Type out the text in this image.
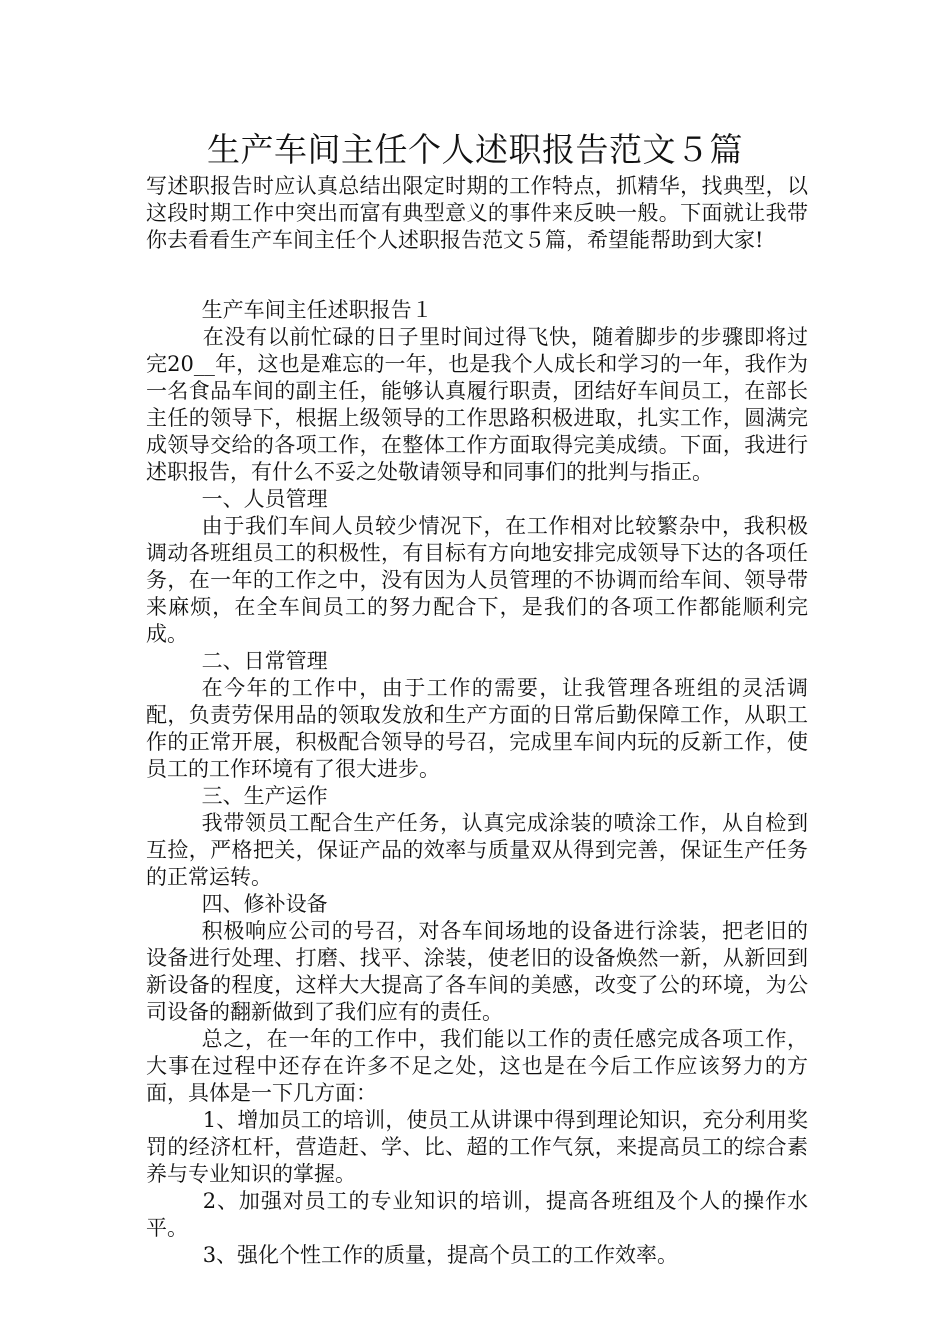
生产车间主任个人述职报告范文５篇

写述职报告时应认真总结出限定时期的工作特点，抓精华，找典型，以这段时期工作中突出而富有典型意义的事件来反映一般。下面就让我带你去看看生产车间主任个人述职报告范文５篇，希望能帮助到大家!

生产车间主任述职报告１

在没有以前忙碌的日子里时间过得飞快，随着脚步的步骤即将过完20__年，这也是难忘的一年，也是我个人成长和学习的一年，我作为一名食品车间的副主任，能够认真履行职责，团结好车间员工，在部长主任的领导下，根据上级领导的工作思路积极进取，扎实工作，圆满完成领导交给的各项工作，在整体工作方面取得完美成绩。下面，我进行述职报告，有什么不妥之处敬请领导和同事们的批判与指正。

一、人员管理

由于我们车间人员较少情况下，在工作相对比较繁杂中，我积极调动各班组员工的积极性，有目标有方向地安排完成领导下达的各项任务，在一年的工作之中，没有因为人员管理的不协调而给车间、领导带来麻烦，在全车间员工的努力配合下，是我们的各项工作都能顺利完成。

二、日常管理

在今年的工作中，由于工作的需要，让我管理各班组的灵活调配，负责劳保用品的领取发放和生产方面的日常后勤保障工作，从职工作的正常开展，积极配合领导的号召，完成里车间内玩的反新工作，使员工的工作环境有了很大进步。

三、生产运作

我带领员工配合生产任务，认真完成涂装的喷涂工作，从自检到互捡，严格把关，保证产品的效率与质量双从得到完善，保证生产任务的正常运转。

四、修补设备

积极响应公司的号召，对各车间场地的设备进行涂装，把老旧的设备进行处理、打磨、找平、涂装，使老旧的设备焕然一新，从新回到新设备的程度，这样大大提高了各车间的美感，改变了公的环境，为公司设备的翻新做到了我们应有的责任。

总之，在一年的工作中，我们能以工作的责任感完成各项工作，大事在过程中还存在许多不足之处，这也是在今后工作应该努力的方面，具体是一下几方面：

1、增加员工的培训，使员工从讲课中得到理论知识，充分利用奖罚的经济杠杆，营造赶、学、比、超的工作气氛，来提高员工的综合素养与专业知识的掌握。

2、加强对员工的专业知识的培训，提高各班组及个人的操作水平。

3、强化个性工作的质量，提高个员工的工作效率。
